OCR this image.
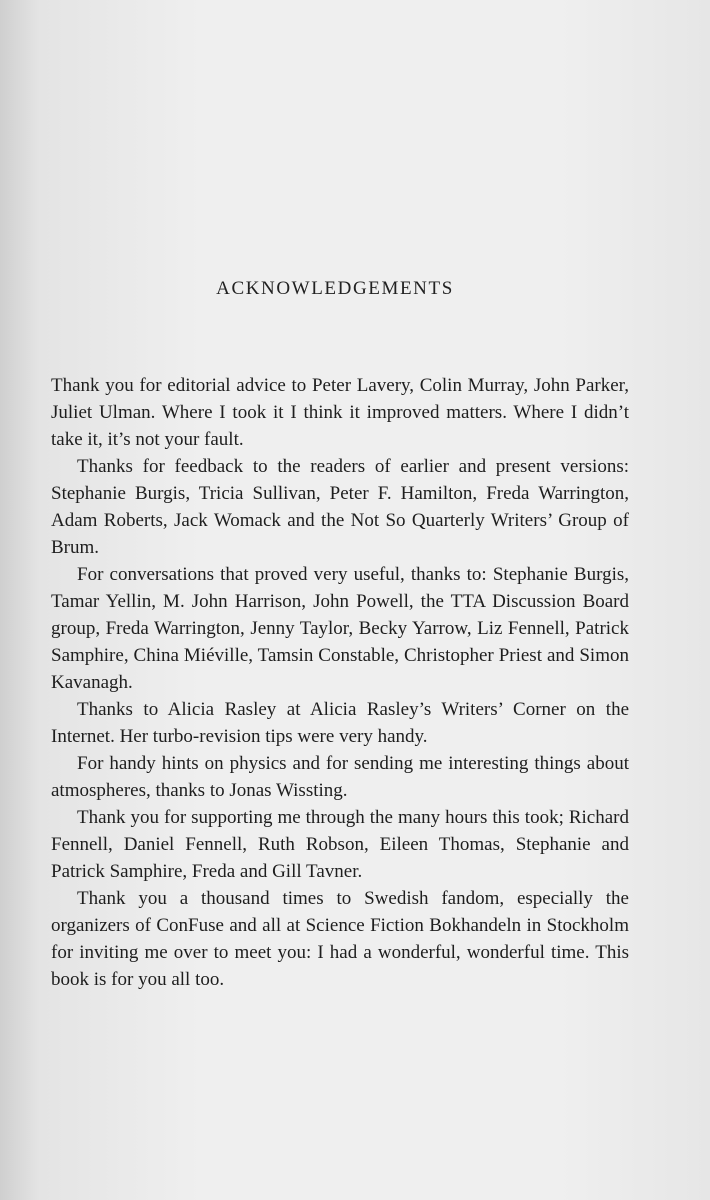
ACKNOWLEDGEMENTS

Thank you for editorial advice to Peter Lavery, Colin Murray, John Parker, Juliet Ulman. Where I took it I think it improved matters. Where I didn’t take it, it’s not your fault.

Thanks for feedback to the readers of earlier and present versions: Stephanie Burgis, Tricia Sullivan, Peter F. Hamilton, Freda Warrington, Adam Roberts, Jack Womack and the Not So Quarterly Writers’ Group of Brum.

For conversations that proved very useful, thanks to: Stephanie Burgis, Tamar Yellin, M. John Harrison, John Powell, the TTA Discussion Board group, Freda Warrington, Jenny Taylor, Becky Yarrow, Liz Fennell, Patrick Samphire, China Miéville, Tamsin Constable, Christopher Priest and Simon Kavanagh.

Thanks to Alicia Rasley at Alicia Rasley’s Writers’ Corner on the Internet. Her turbo-revision tips were very handy.

For handy hints on physics and for sending me interesting things about atmospheres, thanks to Jonas Wissting.

Thank you for supporting me through the many hours this took; Richard Fennell, Daniel Fennell, Ruth Robson, Eileen Thomas, Stephanie and Patrick Samphire, Freda and Gill Tavner.

Thank you a thousand times to Swedish fandom, especially the organizers of ConFuse and all at Science Fiction Bokhandeln in Stockholm for inviting me over to meet you: I had a wonderful, wonderful time. This book is for you all too.
